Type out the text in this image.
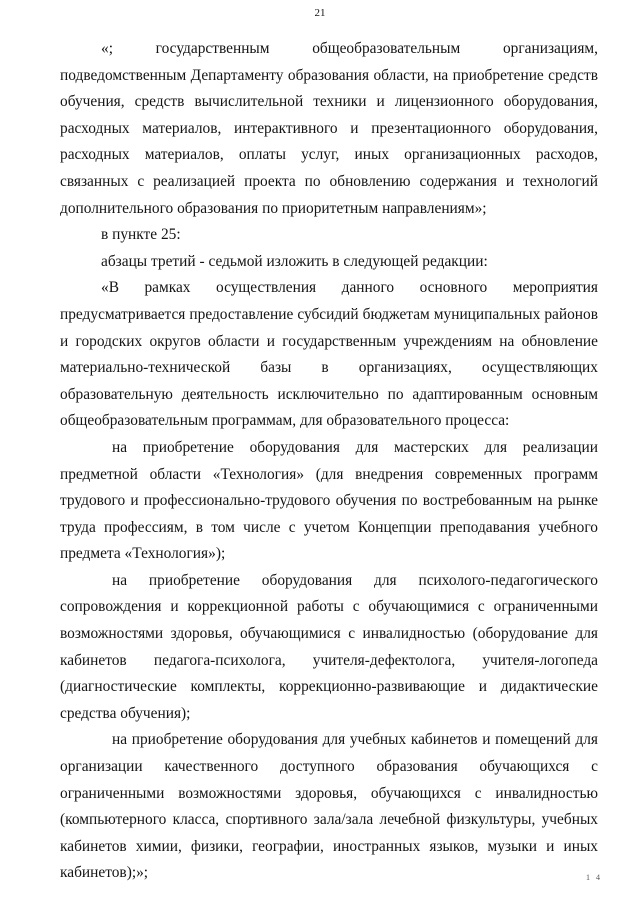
21

«; государственным общеобразовательным организациям, подведомственным Департаменту образования области, на приобретение средств обучения, средств вычислительной техники и лицензионного оборудования, расходных материалов, интерактивного и презентационного оборудования, расходных материалов, оплаты услуг, иных организационных расходов, связанных с реализацией проекта по обновлению содержания и технологий дополнительного образования по приоритетным направлениям»;

в пункте 25:

абзацы третий - седьмой изложить в следующей редакции:

«В рамках осуществления данного основного мероприятия предусматривается предоставление субсидий бюджетам муниципальных районов и городских округов области и государственным учреждениям на обновление материально-технической базы в организациях, осуществляющих образовательную деятельность исключительно по адаптированным основным общеобразовательным программам, для образовательного процесса:

на приобретение оборудования для мастерских для реализации предметной области «Технология» (для внедрения современных программ трудового и профессионально-трудового обучения по востребованным на рынке труда профессиям, в том числе с учетом Концепции преподавания учебного предмета «Технология»);

на приобретение оборудования для психолого-педагогического сопровождения и коррекционной работы с обучающимися с ограниченными возможностями здоровья, обучающимися с инвалидностью (оборудование для кабинетов педагога-психолога, учителя-дефектолога, учителя-логопеда (диагностические комплекты, коррекционно-развивающие и дидактические средства обучения);

на приобретение оборудования для учебных кабинетов и помещений для организации качественного доступного образования обучающихся с ограниченными возможностями здоровья, обучающихся с инвалидностью (компьютерного класса, спортивного зала/зала лечебной физкультуры, учебных кабинетов химии, физики, географии, иностранных языков, музыки и иных кабинетов);»;	1 4
